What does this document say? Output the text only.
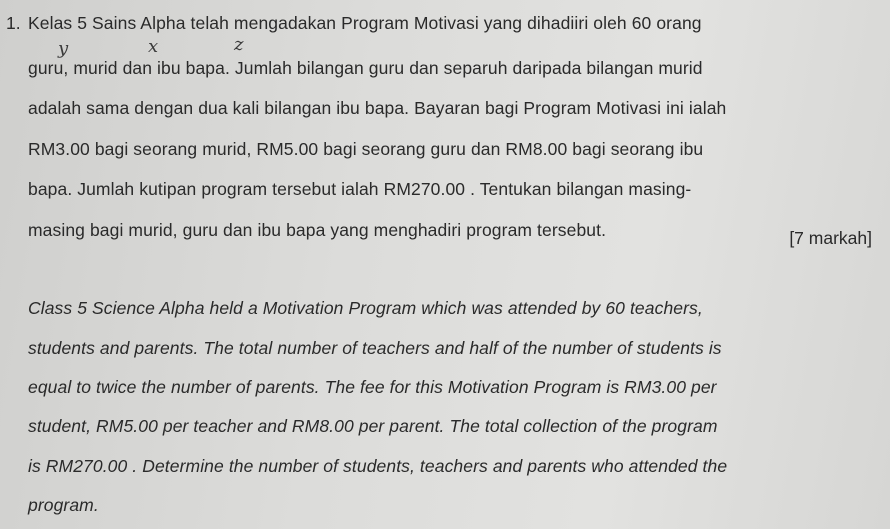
1. Kelas 5 Sains Alpha telah mengadakan Program Motivasi yang dihadiiri oleh 60 orang
guru, murid dan ibu bapa. Jumlah bilangan guru dan separuh daripada bilangan murid
adalah sama dengan dua kali bilangan ibu bapa. Bayaran bagi Program Motivasi ini ialah
RM3.00 bagi seorang murid, RM5.00 bagi seorang guru dan RM8.00 bagi seorang ibu
bapa. Jumlah kutipan program tersebut ialah RM270.00 . Tentukan bilangan masing-
masing bagi murid, guru dan ibu bapa yang menghadiri program tersebut.	[7 markah]
y	x	z
Class 5 Science Alpha held a Motivation Program which was attended by 60 teachers,
students and parents. The total number of teachers and half of the number of students is
equal to twice the number of parents. The fee for this Motivation Program is RM3.00 per
student, RM5.00 per teacher and RM8.00 per parent. The total collection of the program
is RM270.00 . Determine the number of students, teachers and parents who attended the
program.
